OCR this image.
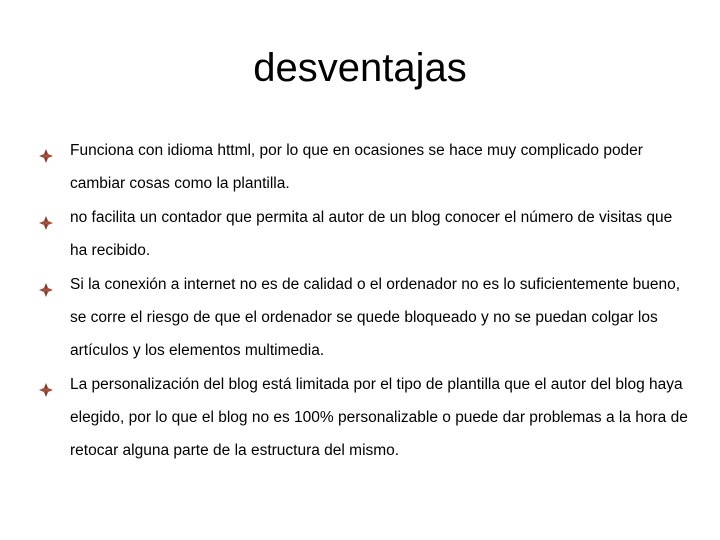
desventajas
Funciona con idioma httml, por lo que en ocasiones se hace muy complicado poder cambiar cosas como la plantilla.
no facilita un contador que permita al autor de un blog conocer el número de visitas que ha recibido.
Si la conexión a internet no es de calidad o el ordenador no es lo suficientemente bueno, se corre el riesgo de que el ordenador se quede bloqueado y no se puedan colgar los artículos y los elementos multimedia.
La personalización del blog está limitada por el tipo de plantilla que el autor del blog haya elegido, por lo que el blog no es 100% personalizable o puede dar problemas a la hora de retocar alguna parte de la estructura del mismo.
